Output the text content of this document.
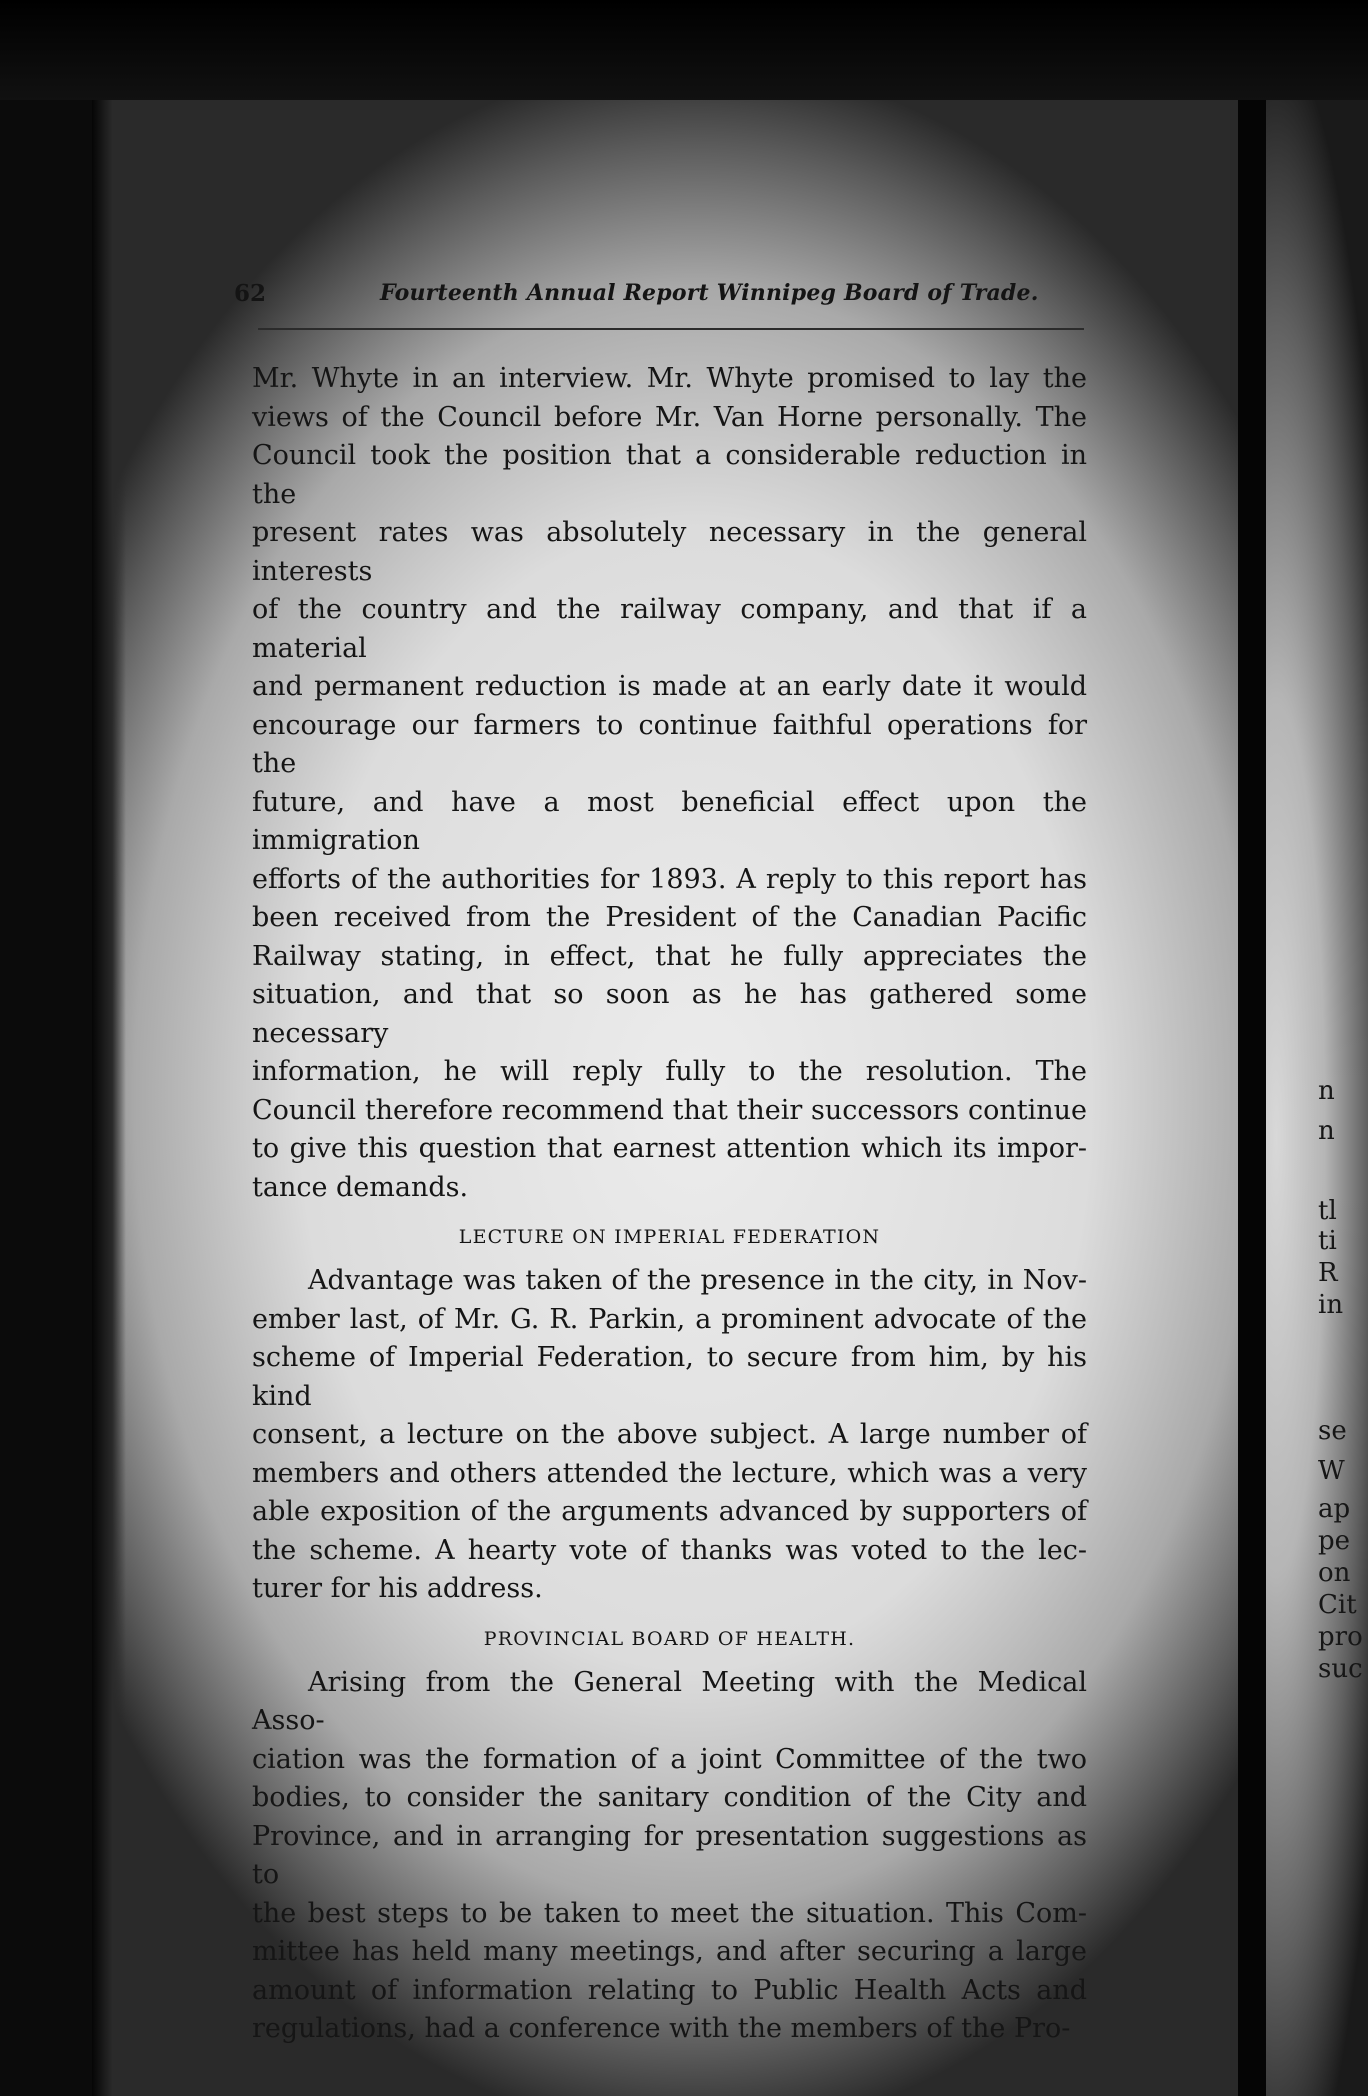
n
n
tl
ti
R
in
se
W
ap
pe
on
Cit
pro
suc
62	Fourteenth Annual Report Winnipeg Board of Trade.
Mr. Whyte in an interview. Mr. Whyte promised to lay the
views of the Council before Mr. Van Horne personally. The
Council took the position that a considerable reduction in the
present rates was absolutely necessary in the general interests
of the country and the railway company, and that if a material
and permanent reduction is made at an early date it would
encourage our farmers to continue faithful operations for the
future, and have a most beneficial effect upon the immigration
efforts of the authorities for 1893. A reply to this report has
been received from the President of the Canadian Pacific
Railway stating, in effect, that he fully appreciates the
situation, and that so soon as he has gathered some necessary
information, he will reply fully to the resolution. The
Council therefore recommend that their successors continue
to give this question that earnest attention which its impor-
tance demands.
LECTURE ON IMPERIAL FEDERATION
Advantage was taken of the presence in the city, in Nov-
ember last, of Mr. G. R. Parkin, a prominent advocate of the
scheme of Imperial Federation, to secure from him, by his kind
consent, a lecture on the above subject. A large number of
members and others attended the lecture, which was a very
able exposition of the arguments advanced by supporters of
the scheme. A hearty vote of thanks was voted to the lec-
turer for his address.
PROVINCIAL BOARD OF HEALTH.
Arising from the General Meeting with the Medical Asso-
ciation was the formation of a joint Committee of the two
bodies, to consider the sanitary condition of the City and
Province, and in arranging for presentation suggestions as to
the best steps to be taken to meet the situation. This Com-
mittee has held many meetings, and after securing a large
amount of information relating to Public Health Acts and
regulations, had a conference with the members of the Pro-
